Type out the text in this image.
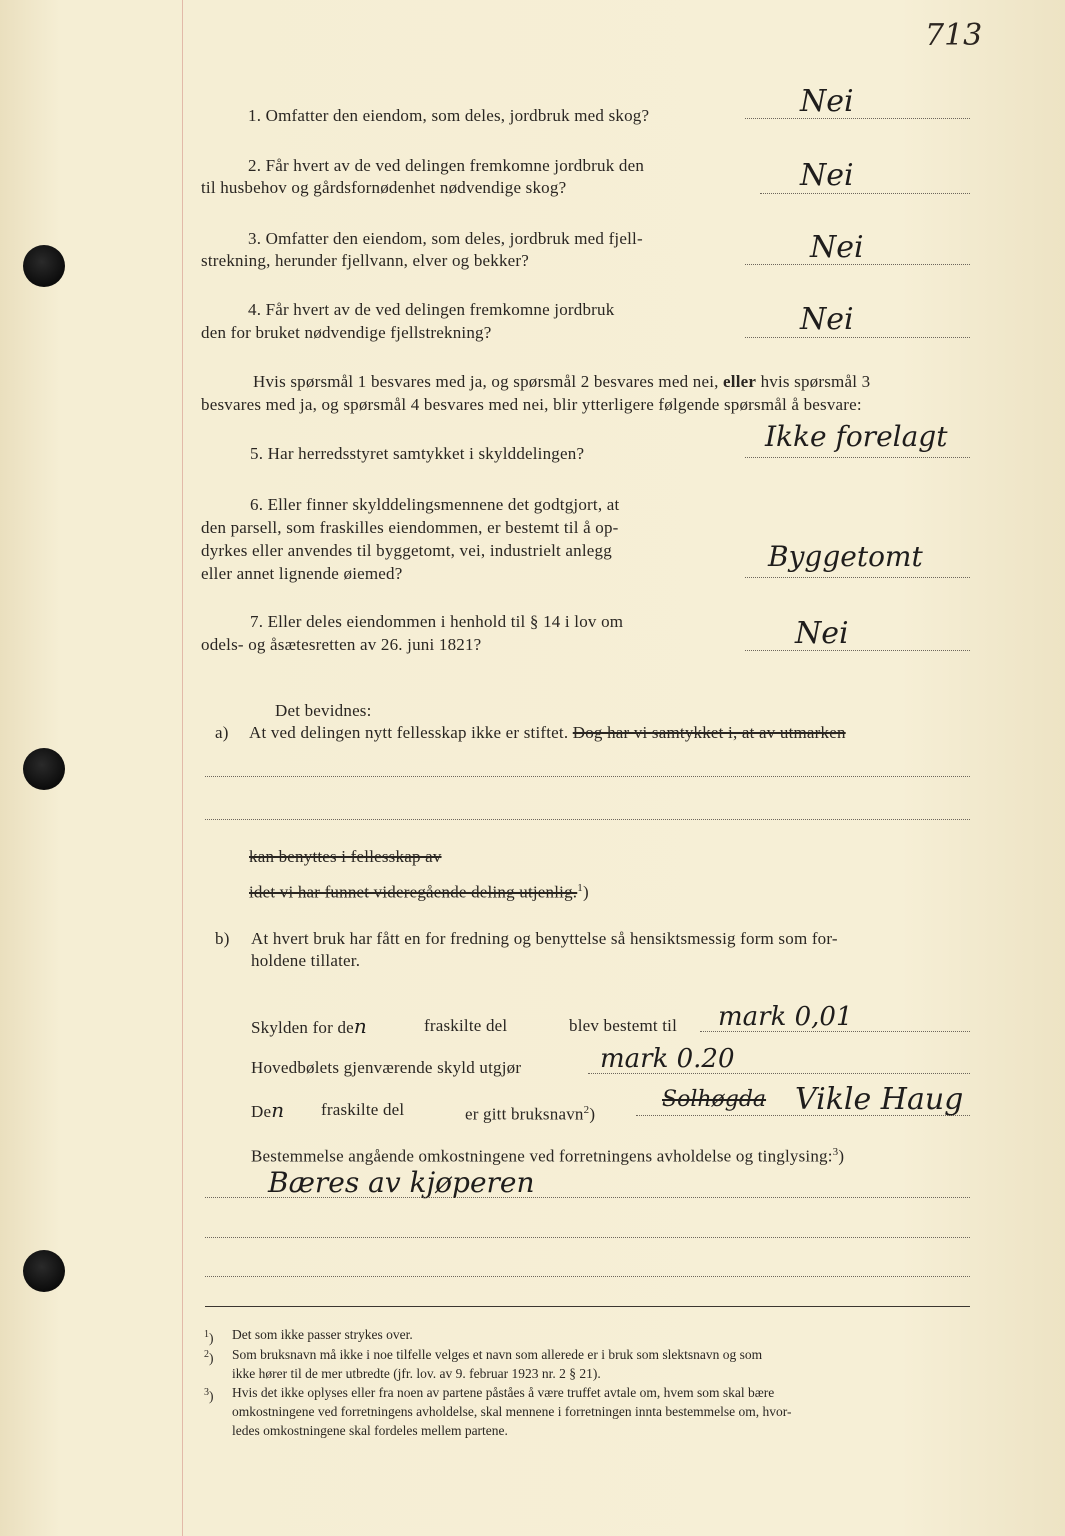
713
1. Omfatter den eiendom, som deles, jordbruk med skog?	Nei
2. Får hvert av de ved delingen fremkomne jordbruk den
til husbehov og gårdsfornødenhet nødvendige skog?	Nei
3. Omfatter den eiendom, som deles, jordbruk med fjell-
strekning, herunder fjellvann, elver og bekker?	Nei
4. Får hvert av de ved delingen fremkomne jordbruk
den for bruket nødvendige fjellstrekning?	Nei
Hvis spørsmål 1 besvares med ja, og spørsmål 2 besvares med nei, eller hvis spørsmål 3
besvares med ja, og spørsmål 4 besvares med nei, blir ytterligere følgende spørsmål å besvare:
5. Har herredsstyret samtykket i skylddelingen?
Ikke forelagt
6. Eller finner skylddelingsmennene det godtgjort, at
den parsell, som fraskilles eiendommen, er bestemt til å op-
dyrkes eller anvendes til byggetomt, vei, industrielt anlegg
eller annet lignende øiemed?
Byggetomt
7. Eller deles eiendommen i henhold til § 14 i lov om
odels- og åsætesretten av 26. juni 1821?	Nei
Det bevidnes:
a) At ved delingen nytt fellesskap ikke er stiftet. Dog har vi samtykket i, at av utmarken
kan benyttes i fellesskap av
idet vi har funnet videregående deling utjenlig.$^1$)
b) At hvert bruk har fått en for fredning og benyttelse så hensiktsmessig form som for-
holdene tillater.
Skylden for den	fraskilte del	blev bestemt til mark 0,01
Hovedbølets gjenværende skyld utgjør	mark 0.20
Den fraskilte del	er gitt bruksnavn$^2$)
Solhøgda Vikle Haug
Bestemmelse angående omkostningene ved forretningens avholdelse og tinglysing:$^3$)
Bæres av kjøperen
$^1$) Det som ikke passer strykes over.
$^2$) Som bruksnavn må ikke i noe tilfelle velges et navn som allerede er i bruk som slektsnavn og som
ikke hører til de mer utbredte (jfr. lov. av 9. februar 1923 nr. 2 § 21).
$^3$) Hvis det ikke oplyses eller fra noen av partene påståes å være truffet avtale om, hvem som skal bære
omkostningene ved forretningens avholdelse, skal mennene i forretningen innta bestemmelse om, hvor-
ledes omkostningene skal fordeles mellem partene.
